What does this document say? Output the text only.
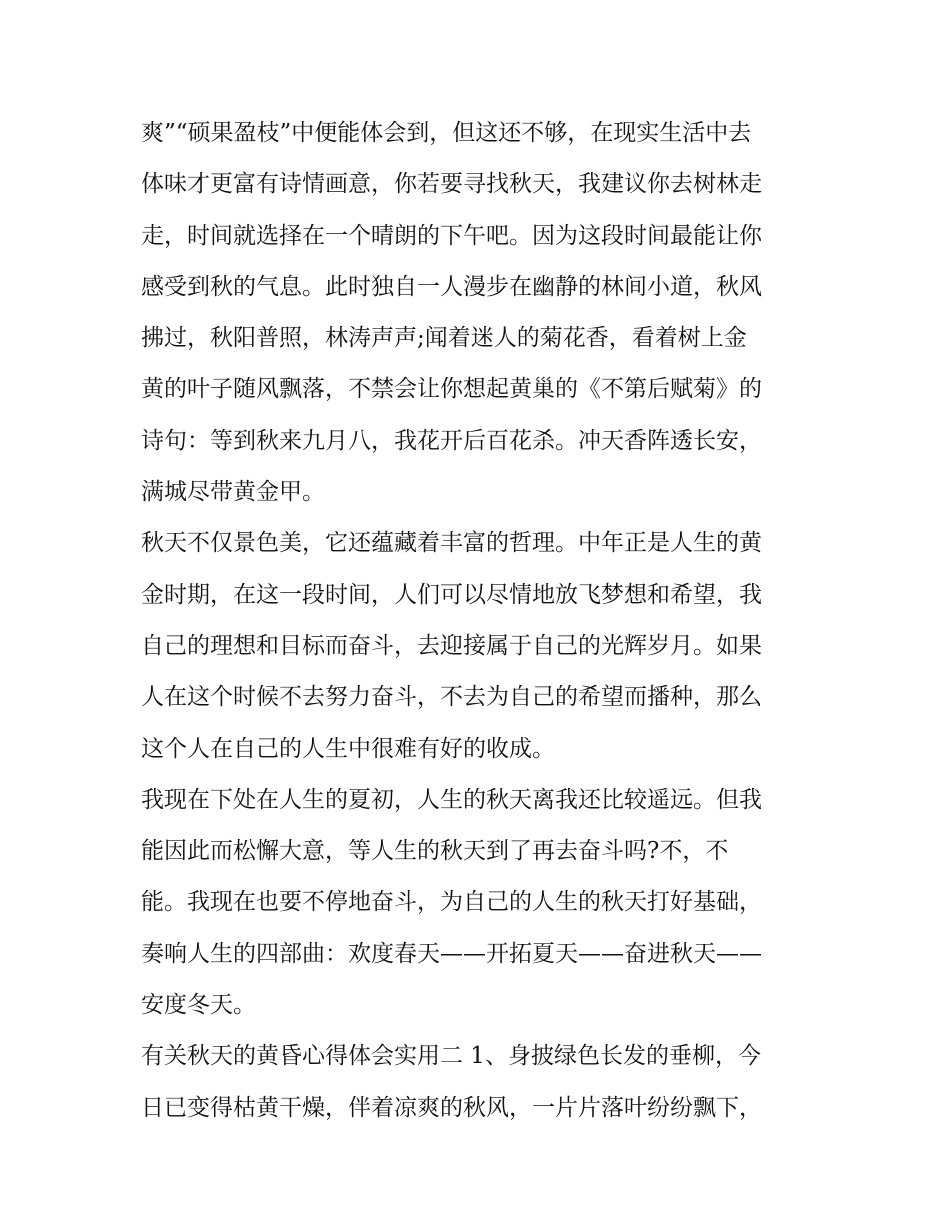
爽”“硕果盈枝”中便能体会到，但这还不够，在现实生活中去
体味才更富有诗情画意，你若要寻找秋天，我建议你去树林走
走，时间就选择在一个晴朗的下午吧。因为这段时间最能让你
感受到秋的气息。此时独自一人漫步在幽静的林间小道，秋风
拂过，秋阳普照，林涛声声;闻着迷人的菊花香，看着树上金
黄的叶子随风飘落，不禁会让你想起黄巢的《不第后赋菊》的
诗句：等到秋来九月八，我花开后百花杀。冲天香阵透长安，
满城尽带黄金甲。
秋天不仅景色美，它还蕴藏着丰富的哲理。中年正是人生的黄
金时期，在这一段时间，人们可以尽情地放飞梦想和希望，我
自己的理想和目标而奋斗，去迎接属于自己的光辉岁月。如果
人在这个时候不去努力奋斗，不去为自己的希望而播种，那么
这个人在自己的人生中很难有好的收成。
我现在下处在人生的夏初，人生的秋天离我还比较遥远。但我
能因此而松懈大意，等人生的秋天到了再去奋斗吗?不，不
能。我现在也要不停地奋斗，为自己的人生的秋天打好基础，
奏响人生的四部曲：欢度春天——开拓夏天——奋进秋天——
安度冬天。
有关秋天的黄昏心得体会实用二 1、身披绿色长发的垂柳，今
日已变得枯黄干燥，伴着凉爽的秋风，一片片落叶纷纷飘下，
